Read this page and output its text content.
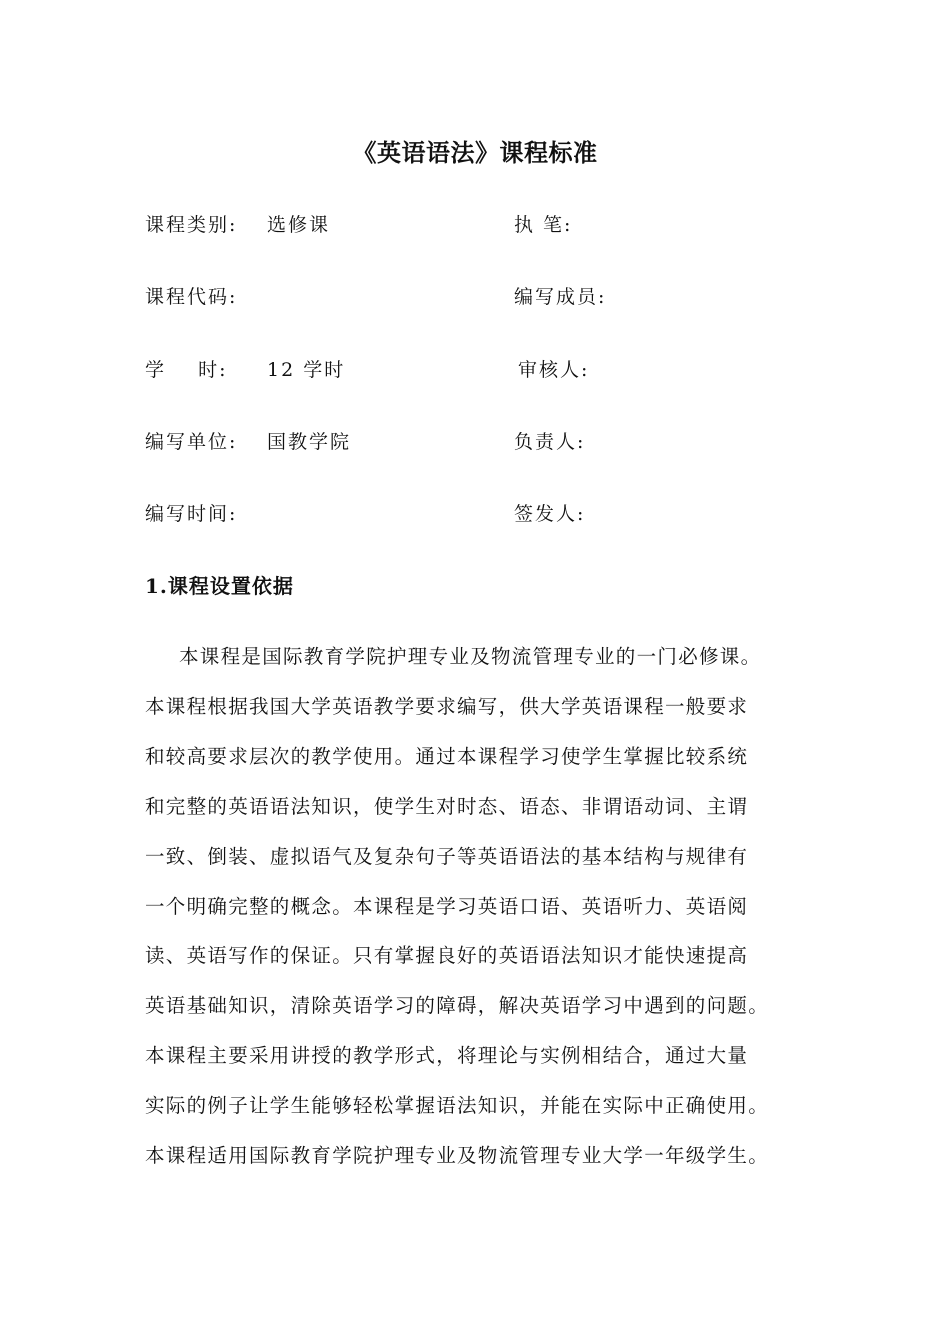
《英语语法》课程标准
课程类别: 选修课	执 笔:
课程代码:	编写成员:
学    时: 12 学时	审核人:
编写单位: 国教学院	负责人:
编写时间:	签发人:
1.课程设置依据

本课程是国际教育学院护理专业及物流管理专业的一门必修课。
本课程根据我国大学英语教学要求编写，供大学英语课程一般要求
和较高要求层次的教学使用。通过本课程学习使学生掌握比较系统
和完整的英语语法知识，使学生对时态、语态、非谓语动词、主谓
一致、倒装、虚拟语气及复杂句子等英语语法的基本结构与规律有
一个明确完整的概念。本课程是学习英语口语、英语听力、英语阅
读、英语写作的保证。只有掌握良好的英语语法知识才能快速提高
英语基础知识，清除英语学习的障碍，解决英语学习中遇到的问题。
本课程主要采用讲授的教学形式，将理论与实例相结合，通过大量
实际的例子让学生能够轻松掌握语法知识，并能在实际中正确使用。
本课程适用国际教育学院护理专业及物流管理专业大学一年级学生。
